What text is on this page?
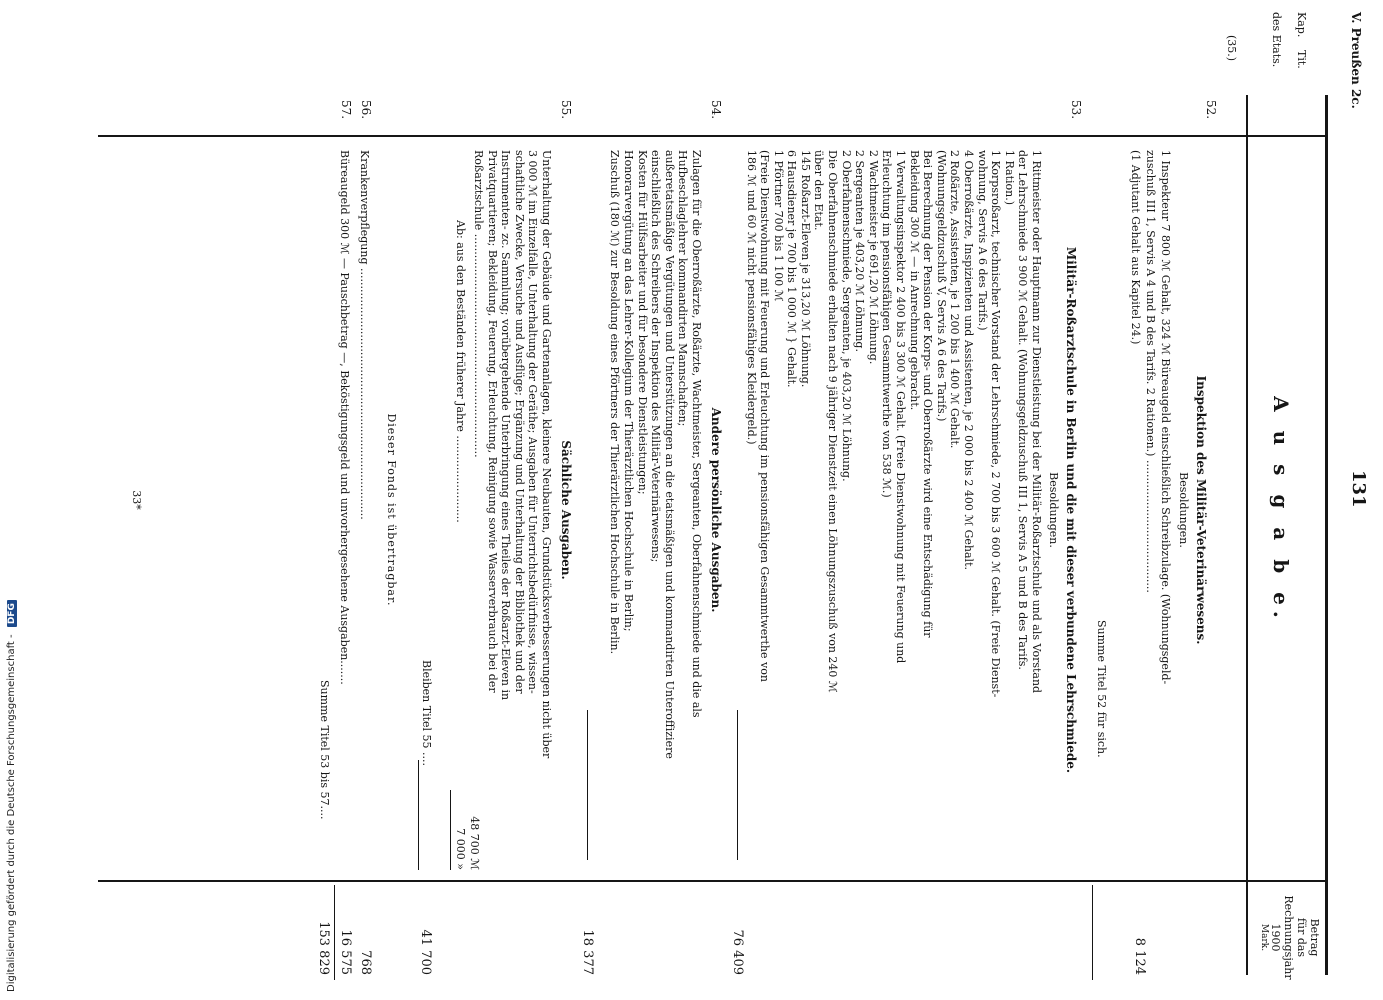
V. Preußen 2c.
131
Kap.
Tit.
des Etats.
Betrag
für das
Rechnungsjahr
1900
Mark.
A u s g a b e.
(35.)
52.
Inspektion des Militär-Veterinärwesens.
Besoldungen.
1 Inspekteur 7 800 ℳ Gehalt, 324 ℳ Büreaugeld einschließlich Schreibzulage. (Wohnungsgeld-
zuschuß III 1, Servis A 4 und B des Tarifs. 2 Rationen.) ......................................
(1 Adjutant Gehalt aus Kapitel 24.)
8 124
Summe Titel 52 für sich.
53.
Militär-Roßarztschule in Berlin und die mit dieser verbundene Lehrschmiede.
Besoldungen.
1 Rittmeister oder Hauptmann zur Dienstleistung bei der Militär-Roßarztschule und als Vorstand
der Lehrschmiede 3 900 ℳ Gehalt. (Wohnungsgeldzuschuß III 1, Servis A 5 und B des Tarifs.
1 Ration.)
1 Korpsroßarzt, technischer Vorstand der Lehrschmiede, 2 700 bis 3 600 ℳ Gehalt. (Freie Dienst-
wohnung, Servis A 6 des Tarifs.)
4 Oberroßärzte, Inspizienten und Assistenten, je 2 000 bis 2 400 ℳ Gehalt.
2 Roßärzte, Assistenten, je 1 200 bis 1 400 ℳ Gehalt.
(Wohnungsgeldzuschuß V, Servis A 6 des Tarifs.)
Bei Berechnung der Pension der Korps- und Oberroßärzte wird eine Entschädigung für
Bekleidung 300 ℳ — in Anrechnung gebracht.
1 Verwaltungsinspektor 2 400 bis 3 300 ℳ Gehalt. (Freie Dienstwohnung mit Feuerung und
Erleuchtung im pensionsfähigen Gesammtwerthe von 538 ℳ.)
2 Wachtmeister je 691,20 ℳ Löhnung.
2 Sergeanten je 403,20 ℳ Löhnung.
2 Oberfahnenschmiede, Sergeanten, je 403,20 ℳ Löhnung.
Die Oberfahnenschmiede erhalten nach 9 jähriger Dienstzeit einen Löhnungszuschuß von 240 ℳ
über den Etat.
145 Roßarzt-Eleven je 313,20 ℳ Löhnung.
6 Hausdiener je 700 bis 1 000 ℳ } Gehalt.
1 Pförtner 700 bis 1 100 ℳ
(Freie Dienstwohnung mit Feuerung und Erleuchtung im pensionsfähigen Gesammtwerthe von
186 ℳ und 60 ℳ nicht pensionsfähiges Kleidergeld.)
76 409
54.
Andere persönliche Ausgaben.
Zulagen für die Oberroßärzte, Roßärzte, Wachtmeister, Sergeanten, Oberfahnenschmiede und die als
Hufbeschlaglehrer kommandirten Mannschaften;
außeretatsmäßige Vergütungen und Unterstützungen an die etatsmäßigen und kommandirten Unteroffiziere
einschließlich des Schreibers der Inspektion des Militär-Veterinärwesens;
Kosten für Hülfsarbeiter und für besondere Dienstleistungen;
Honorarvergütung an das Lehrer-Kollegium der Thierärztlichen Hochschule in Berlin;
Zuschuß (180 ℳ) zur Besoldung eines Pförtners der Thierärztlichen Hochschule in Berlin.
18 377
55.
Sächliche Ausgaben.
Unterhaltung der Gebäude und Gartenanlagen, kleinere Neubauten, Grundstücksverbesserungen nicht über
3 000 ℳ im Einzelfalle, Unterhaltung der Geräthe; Ausgaben für Unterrichtsbedürfnisse, wissen-
schaftliche Zwecke, Versuche und Ausflüge; Ergänzung und Unterhaltung der Bibliothek und der
Instrumenten- zc. Sammlung; vorübergehende Unterbringung eines Theiles der Roßarzt-Eleven in
Privatquartieren; Bekleidung, Feuerung, Erleuchtung, Reinigung sowie Wasserverbrauch bei der
Roßarztschule ................................................................
Ab: aus den Beständen früherer Jahre .........................
48 700 ℳ
7 000 »
Bleiben Titel 55 ....
41 700
Dieser Fonds ist übertragbar.
56.
Krankenverpflegung ........................................................................
768
57.
Büreaugeld 300 ℳ — Pauschbetrag —, Beköstigungsgeld und unvorhergesehene Ausgaben.......
16 575
Summe Titel 53 bis 57....
153 829
33*
Digitalisierung gefördert durch die Deutsche Forschungsgemeinschaft - DFG
